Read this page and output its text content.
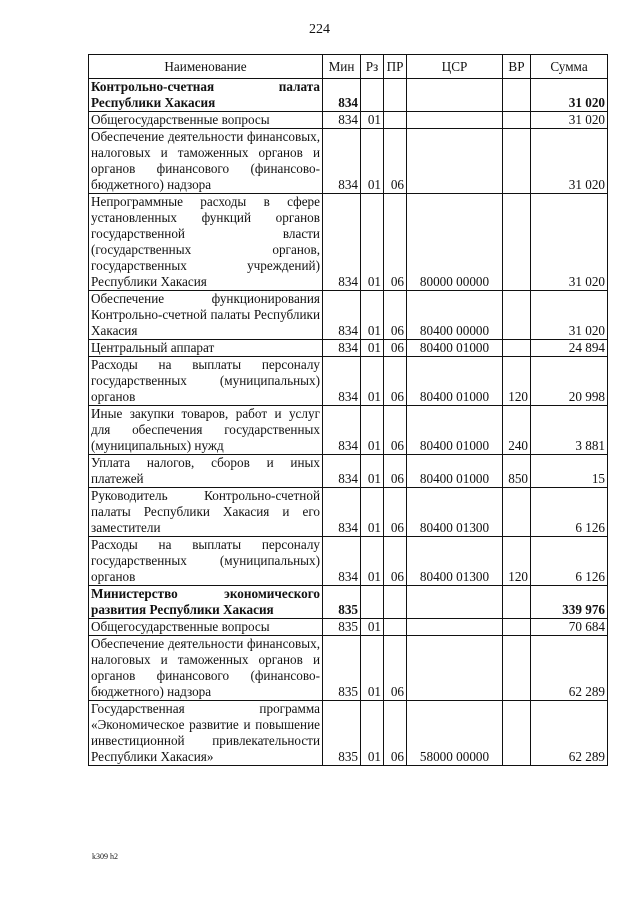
224
Наименование	Мин	Рз	ПР	ЦСР	ВР	Сумма
Контрольно-счетная палата Республики Хакасия	834					31 020
Общегосударственные вопросы	834	01				31 020
Обеспечение деятельности финансовых, налоговых и таможенных органов и органов финансового (финансово-бюджетного) надзора	834	01	06			31 020
Непрограммные расходы в сфере установленных функций органов государственной власти (государственных органов, государственных учреждений) Республики Хакасия	834	01	06	80000 00000		31 020
Обеспечение функционирования Контрольно-счетной палаты Республики Хакасия	834	01	06	80400 00000		31 020
Центральный аппарат	834	01	06	80400 01000		24 894
Расходы на выплаты персоналу государственных (муниципальных) органов	834	01	06	80400 01000	120	20 998
Иные закупки товаров, работ и услуг для обеспечения государственных (муниципальных) нужд	834	01	06	80400 01000	240	3 881
Уплата налогов, сборов и иных платежей	834	01	06	80400 01000	850	15
Руководитель Контрольно-счетной палаты Республики Хакасия и его заместители	834	01	06	80400 01300		6 126
Расходы на выплаты персоналу государственных (муниципальных) органов	834	01	06	80400 01300	120	6 126
Министерство экономического развития Республики Хакасия	835					339 976
Общегосударственные вопросы	835	01				70 684
Обеспечение деятельности финансовых, налоговых и таможенных органов и органов финансового (финансово-бюджетного) надзора	835	01	06			62 289
Государственная программа «Экономическое развитие и повышение инвестиционной привлекательности Республики Хакасия»	835	01	06	58000 00000		62 289
k309 h2
